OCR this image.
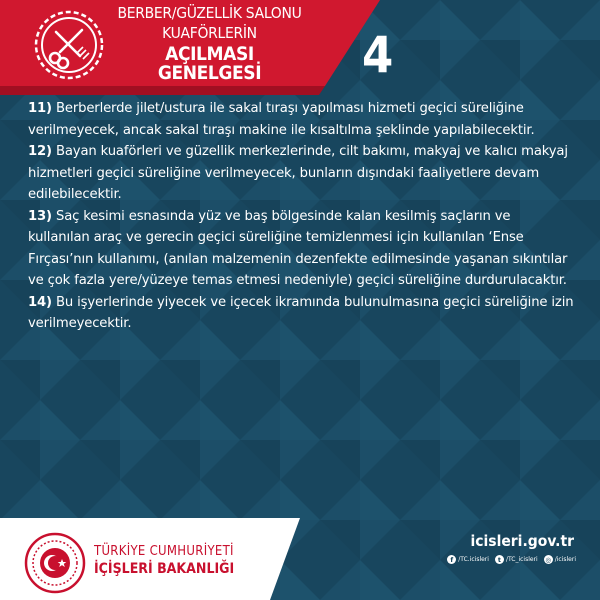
BERBER/GÜZELLİK SALONU
KUAFÖRLERİN
AÇILMASI GENELGESİ	4

11) Berberlerde jilet/ustura ile sakal tıraşı yapılması hizmeti geçici süreliğine verilmeyecek, ancak sakal tıraşı makine ile kısaltılma şeklinde yapılabilecektir.

12) Bayan kuaförleri ve güzellik merkezlerinde, cilt bakımı, makyaj ve kalıcı makyaj hizmetleri geçici süreliğine verilmeyecek, bunların dışındaki faaliyetlere devam edilebilecektir.

13) Saç kesimi esnasında yüz ve baş bölgesinde kalan kesilmiş saçların ve kullanılan araç ve gerecin geçici süreliğine temizlenmesi için kullanılan ‘Ense Fırçası’nın kullanımı, (anılan malzemenin dezenfekte edilmesinde yaşanan sıkıntılar ve çok fazla yere/yüzeye temas etmesi nedeniyle) geçici süreliğine durdurulacaktır.

14) Bu işyerlerinde yiyecek ve içecek ikramında bulunulmasına geçici süreliğine izin verilmeyecektir.

TÜRKİYE CUMHURİYETİ
İÇİŞLERİ BAKANLIĞI
icisleri.gov.tr
f /TC.icisleri	t /TC_icisleri ◎ /icisleri
